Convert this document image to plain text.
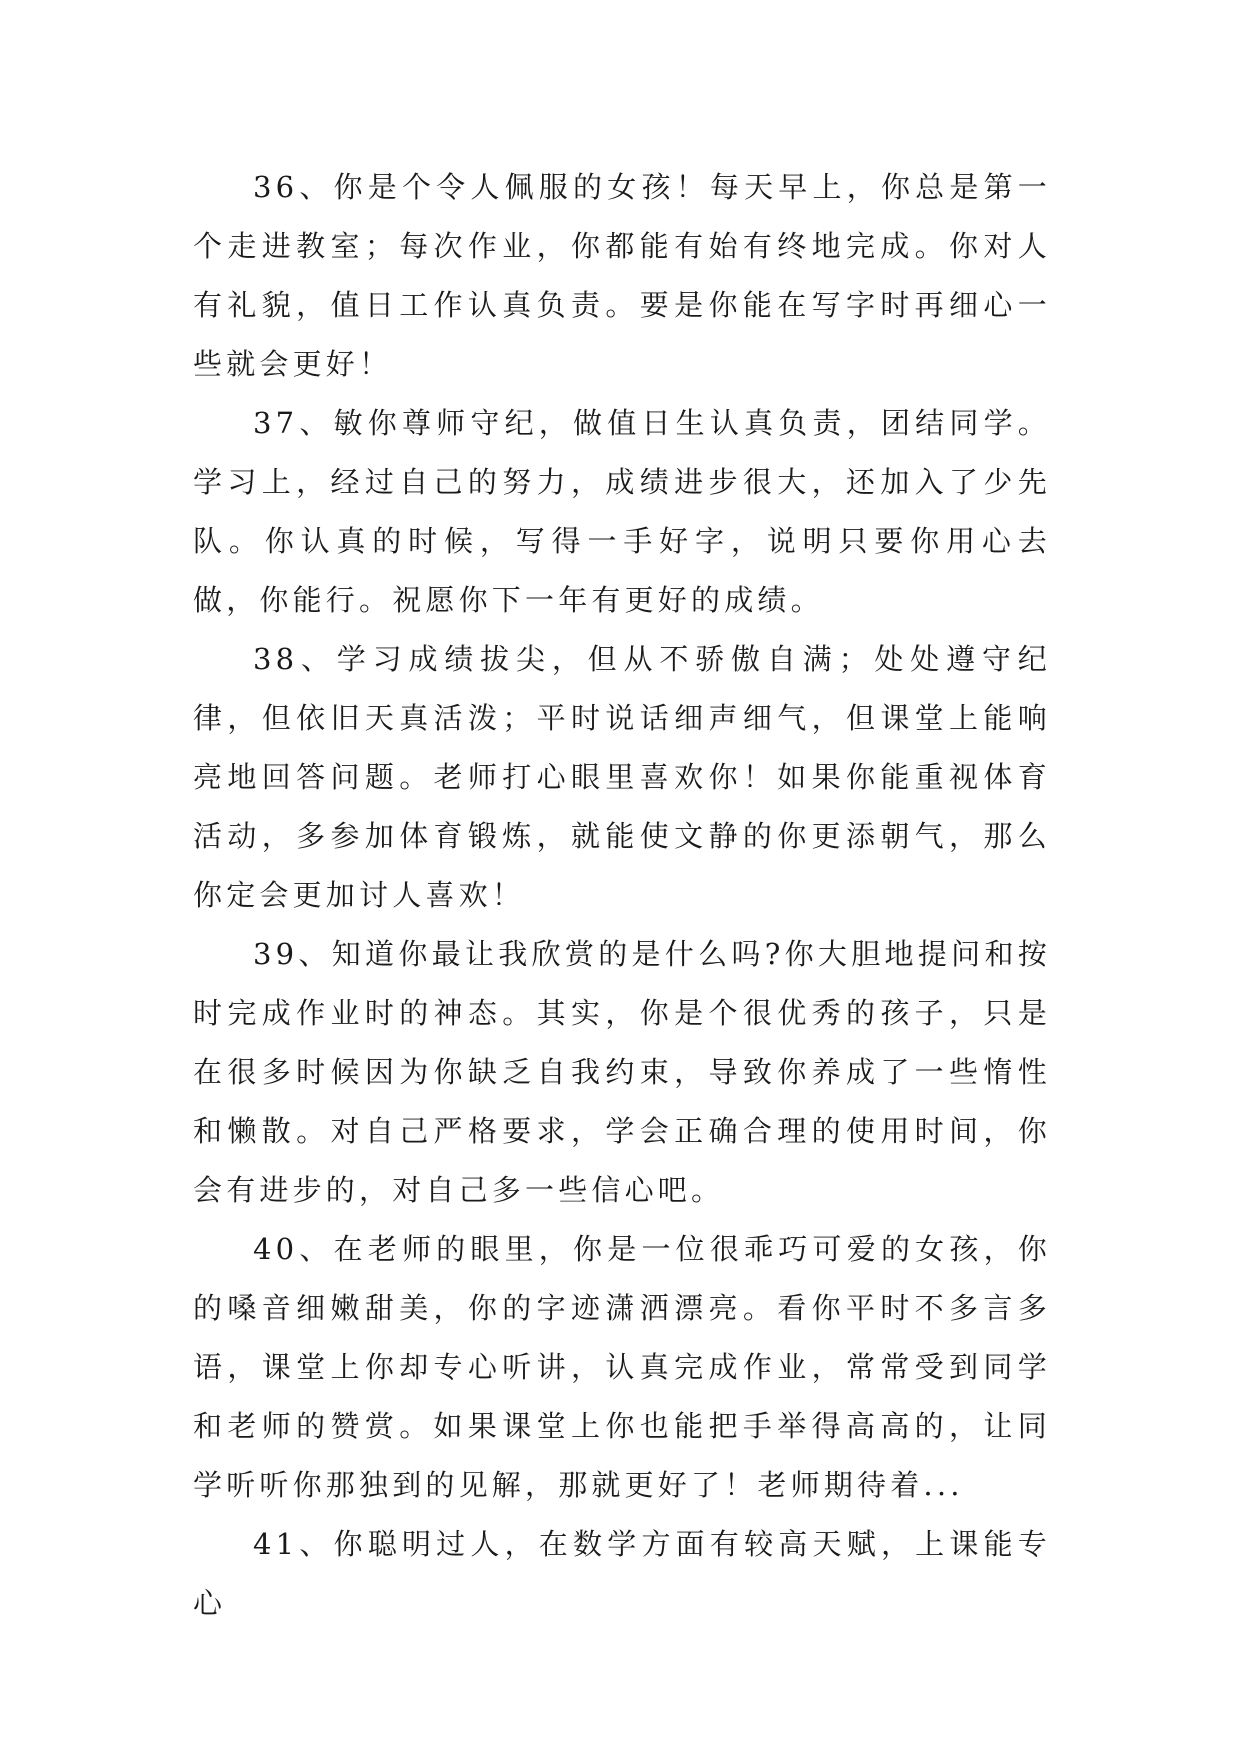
36、你是个令人佩服的女孩！每天早上，你总是第一个走进教室；每次作业，你都能有始有终地完成。你对人有礼貌，值日工作认真负责。要是你能在写字时再细心一些就会更好！

37、敏你尊师守纪，做值日生认真负责，团结同学。学习上，经过自己的努力，成绩进步很大，还加入了少先队。你认真的时候，写得一手好字，说明只要你用心去做，你能行。祝愿你下一年有更好的成绩。

38、学习成绩拔尖，但从不骄傲自满；处处遵守纪律，但依旧天真活泼；平时说话细声细气，但课堂上能响亮地回答问题。老师打心眼里喜欢你！如果你能重视体育活动，多参加体育锻炼，就能使文静的你更添朝气，那么你定会更加讨人喜欢！

39、知道你最让我欣赏的是什么吗?你大胆地提问和按时完成作业时的神态。其实，你是个很优秀的孩子，只是在很多时候因为你缺乏自我约束，导致你养成了一些惰性和懒散。对自己严格要求，学会正确合理的使用时间，你会有进步的，对自己多一些信心吧。

40、在老师的眼里，你是一位很乖巧可爱的女孩，你的嗓音细嫩甜美，你的字迹潇洒漂亮。看你平时不多言多语，课堂上你却专心听讲，认真完成作业，常常受到同学和老师的赞赏。如果课堂上你也能把手举得高高的，让同学听听你那独到的见解，那就更好了！老师期待着...

41、你聪明过人，在数学方面有较高天赋，上课能专心
